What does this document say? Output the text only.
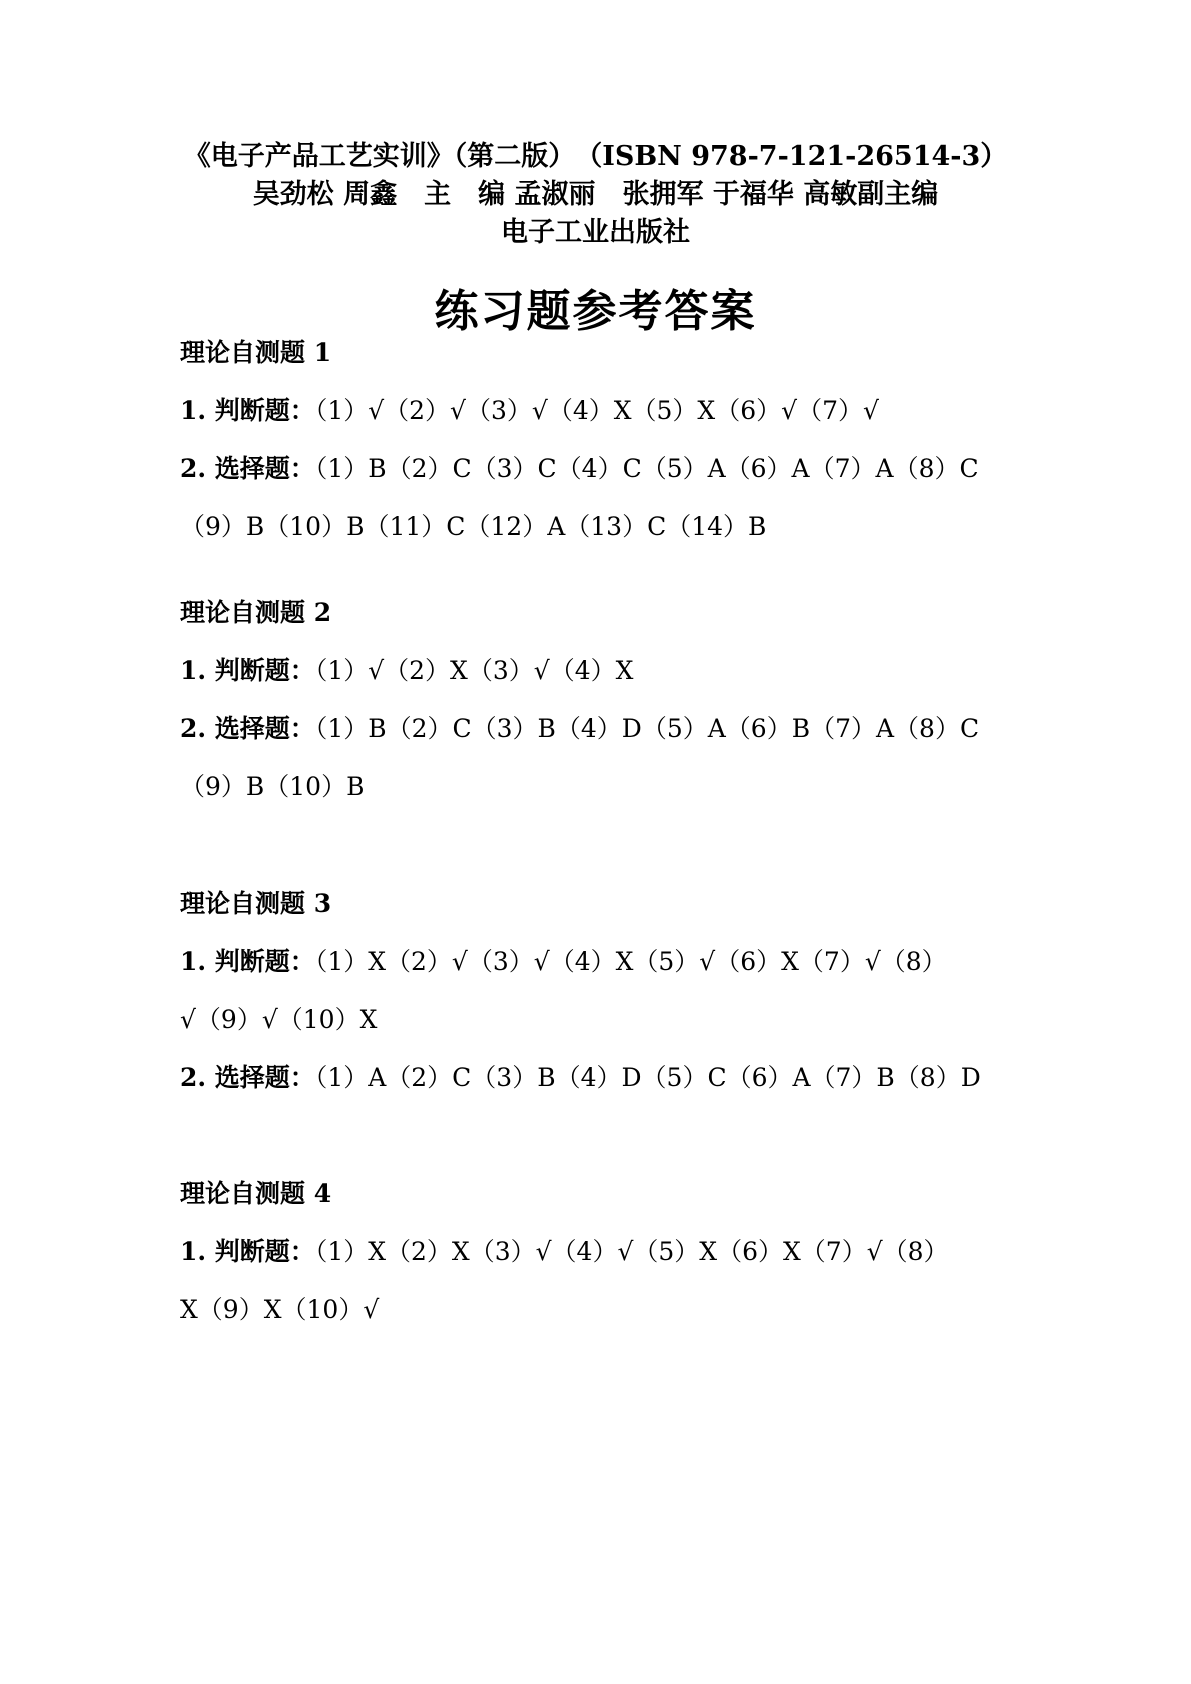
《电子产品工艺实训》（第二版）　（ISBN 978-7-121-26514-3）
吴劲松 周鑫　主　编 孟淑丽　张拥军 于福华 高敏副主编
电子工业出版社
练习题参考答案
理论自测题 1
1. 判断题：（1）√（2）√（3）√（4）X（5）X（6）√（7）√
2. 选择题：（1）B（2）C（3）C（4）C（5）A（6）A（7）A（8）C
（9）B（10）B（11）C（12）A（13）C（14）B
理论自测题 2
1. 判断题：（1）√（2）X（3）√（4）X
2. 选择题：（1）B（2）C（3）B（4）D（5）A（6）B（7）A（8）C
（9）B（10）B
理论自测题 3
1. 判断题：（1）X（2）√（3）√（4）X（5）√（6）X（7）√（8）
√（9）√（10）X
2. 选择题：（1）A（2）C（3）B（4）D（5）C（6）A（7）B（8）D
理论自测题 4
1. 判断题：（1）X（2）X（3）√（4）√（5）X（6）X（7）√（8）
X（9）X（10）√
